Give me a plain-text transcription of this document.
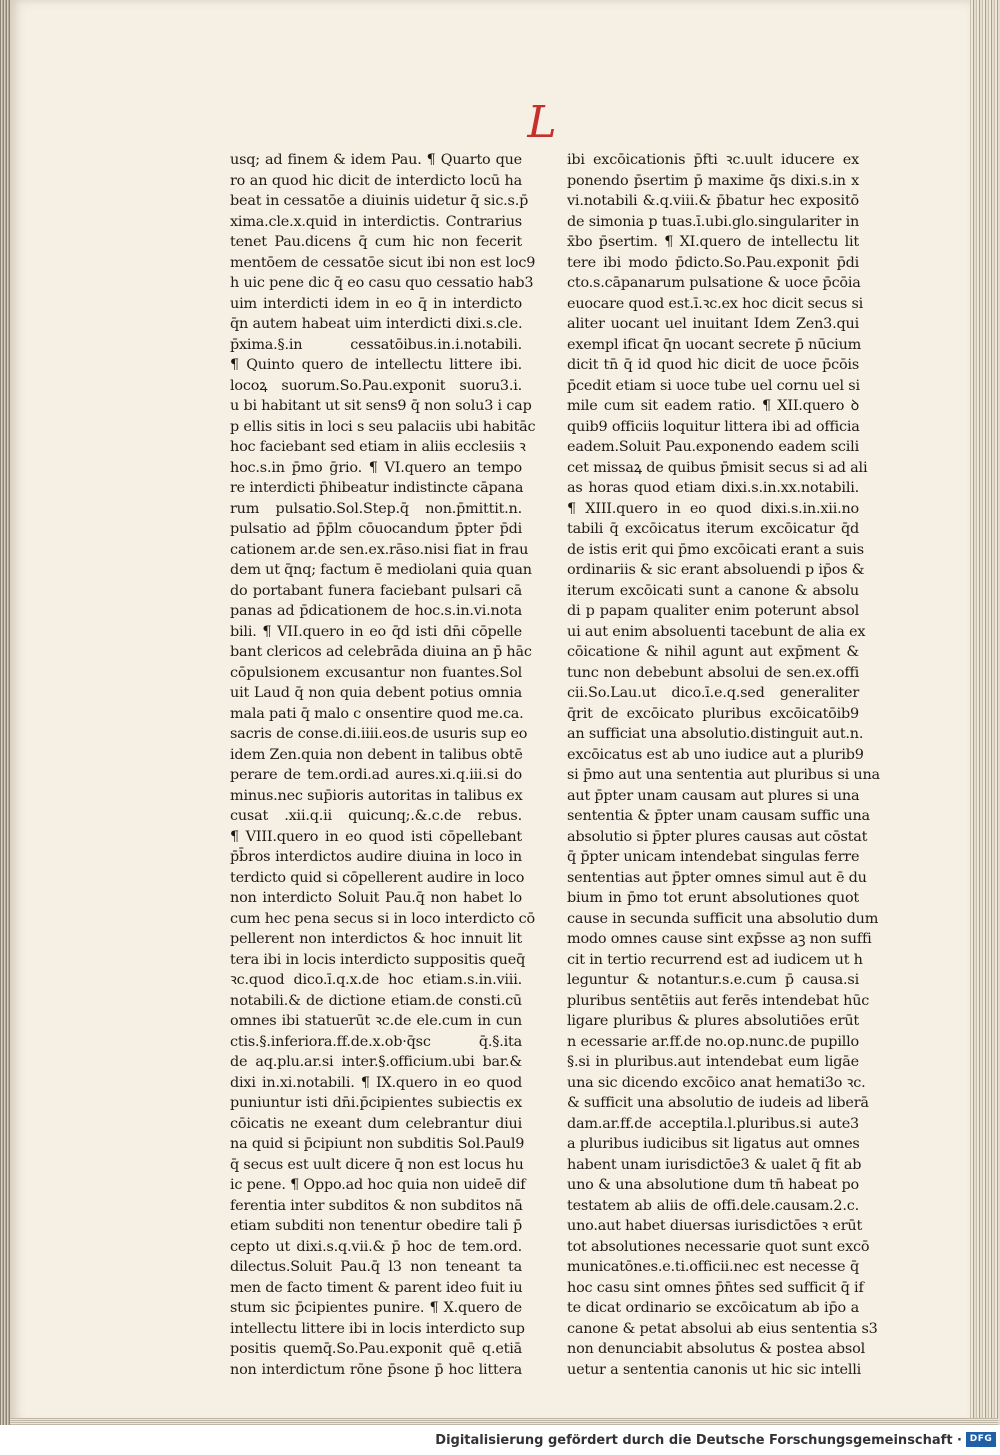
L
usq; ad finem & idem Pau. ¶ Quarto que
ro an quod hic dicit de interdicto locū ha
beat in cessatōe a diuinis uidetur q̄ sic.s.p̄
xima.cle.x.quid in interdictis. Contrarius
tenet Pau.dicens q̄ cum hic non fecerit
mentōem de cessatōe sicut ibi non est loc9
h uic pene dic q̄ eo casu quo cessatio hab3
uim interdicti idem in eo q̄ in interdicto
q̄n autem habeat uim interdicti dixi.s.cle.
p̄xima.§.in cessatōibus.in.i.notabili.
¶ Quinto quero de intellectu littere ibi.
locoꝝ suorum.So.Pau.exponit suoru3.i.
u bi habitant ut sit sens9 q̄ non solu3 i cap
p ellis sitis in loci s seu palaciis ubi habitāc
hoc faciebant sed etiam in aliis ecclesiis ꝛ
hoc.s.in p̄mo ḡrio. ¶ VI.quero an tempo
re interdicti p̄hibeatur indistincte cāpana
rum pulsatio.Sol.Step.q̄ non.p̄mittit.n.
pulsatio ad p̄p̄lm cōuocandum p̄pter p̄di
cationem ar.de sen.ex.rāso.nisi fiat in frau
dem ut q̄nq; factum ē mediolani quia quan
do portabant funera faciebant pulsari cā
panas ad p̄dicationem de hoc.s.in.vi.nota
bili. ¶ VII.quero in eo q̄d isti dn̄i cōpelle
bant clericos ad celebrāda diuina an p̄ hāc
cōpulsionem excusantur non fuantes.Sol
uit Laud q̄ non quia debent potius omnia
mala pati q̄ malo c onsentire quod me.ca.
sacris de conse.di.iiii.eos.de usuris sup eo
idem Zen.quia non debent in talibus obtē
perare de tem.ordi.ad aures.xi.q.iii.si do
minus.nec sup̄ioris autoritas in talibus ex
cusat .xii.q.ii quicunq;.&.c.de rebus.
¶ VIII.quero in eo quod isti cōpellebant
p̄b̄ros interdictos audire diuina in loco in
terdicto quid si cōpellerent audire in loco
non interdicto Soluit Pau.q̄ non habet lo
cum hec pena secus si in loco interdicto cō
pellerent non interdictos & hoc innuit lit
tera ibi in locis interdicto suppositis queq̄
ꝛc.quod dico.ī.q.x.de hoc etiam.s.in.viii.
notabili.& de dictione etiam.de consti.cū
omnes ibi statuerūt ꝛc.de ele.cum in cun
ctis.§.inferiora.ff.de.x.ob·q̄sc q̄.§.ita
de aq.plu.ar.si inter.§.officium.ubi bar.&
dixi in.xi.notabili. ¶ IX.quero in eo quod
puniuntur isti dn̄i.p̄cipientes subiectis ex
cōicatis ne exeant dum celebrantur diui
na quid si p̄cipiunt non subditis Sol.Paul9
q̄ secus est uult dicere q̄ non est locus hu
ic pene. ¶ Oppo.ad hoc quia non uideē dif
ferentia inter subditos & non subditos nā
etiam subditi non tenentur obedire tali p̄
cepto ut dixi.s.q.vii.& p̄ hoc de tem.ord.
dilectus.Soluit Pau.q̄ l3 non teneant ta
men de facto timent & parent ideo fuit iu
stum sic p̄cipientes punire. ¶ X.quero de
intellectu littere ibi in locis interdicto sup
positis quemq̄.So.Pau.exponit quē q.etiā
non interdictum rōne p̄sone p̄ hoc littera
ibi excōicationis p̄fti ꝛc.uult iducere ex
ponendo p̄sertim p̄ maxime q̄s dixi.s.in x
vi.notabili &.q.viii.& p̄batur hec expositō
de simonia p tuas.ī.ubi.glo.singulariter in
x̄bo p̄sertim. ¶ XI.quero de intellectu lit
tere ibi modo p̄dicto.So.Pau.exponit p̄di
cto.s.cāpanarum pulsatione & uoce p̄cōia
euocare quod est.ī.ꝛc.ex hoc dicit secus si
aliter uocant uel inuitant Idem Zen3.qui
exempl ificat q̄n uocant secrete p̄ nūcium
dicit tn̄ q̄ id quod hic dicit de uoce p̄cōis
p̄cedit etiam si uoce tube uel cornu uel si
mile cum sit eadem ratio. ¶ XII.quero ꝺ
quib9 officiis loquitur littera ibi ad officia
eadem.Soluit Pau.exponendo eadem scili
cet missaꝝ de quibus p̄misit secus si ad ali
as horas quod etiam dixi.s.in.xx.notabili.
¶ XIII.quero in eo quod dixi.s.in.xii.no
tabili q̄ excōicatus iterum excōicatur q̄d
de istis erit qui p̄mo excōicati erant a suis
ordinariis & sic erant absoluendi p ip̄os &
iterum excōicati sunt a canone & absolu
di p papam qualiter enim poterunt absol
ui aut enim absoluenti tacebunt de alia ex
cōicatione & nihil agunt aut exp̄ment &
tunc non debebunt absolui de sen.ex.offi
cii.So.Lau.ut dico.ī.e.q.sed generaliter
q̄rit de excōicato pluribus excōicatōib9
an sufficiat una absolutio.distinguit aut.n.
excōicatus est ab uno iudice aut a plurib9
si p̄mo aut una sententia aut pluribus si una
aut p̄pter unam causam aut plures si una
sententia & p̄pter unam causam suffic una
absolutio si p̄pter plures causas aut cōstat
q̄ p̄pter unicam intendebat singulas ferre
sententias aut p̄pter omnes simul aut ē du
bium in p̄mo tot erunt absolutiones quot
cause in secunda sufficit una absolutio dum
modo omnes cause sint exp̄sse aꝫ non suffi
cit in tertio recurrend est ad iudicem ut h
leguntur & notantur.s.e.cum p̄ causa.si
pluribus sentētiis aut ferēs intendebat hūc
ligare pluribus & plures absolutiōes erūt
n ecessarie ar.ff.de no.op.nunc.de pupillo
§.si in pluribus.aut intendebat eum ligāe
una sic dicendo excōico anat hemati3o ꝛc.
& sufficit una absolutio de iudeis ad liberā
dam.ar.ff.de acceptila.l.pluribus.si aute3
a pluribus iudicibus sit ligatus aut omnes
habent unam iurisdictōe3 & ualet q̄ fit ab
uno & una absolutione dum tn̄ habeat po
testatem ab aliis de offi.dele.causam.2.c.
uno.aut habet diuersas iurisdictōes ꝛ erūt
tot absolutiones necessarie quot sunt excō
municatōnes.e.ti.officii.nec est necesse q̄
hoc casu sint omnes p̄n̄tes sed sufficit q̄ if
te dicat ordinario se excōicatum ab ip̄o a
canone & petat absolui ab eius sententia s3
non denunciabit absolutus & postea absol
uetur a sententia canonis ut hic sic intelli
Digitalisierung gefördert durch die Deutsche Forschungsgemeinschaft · DFG
